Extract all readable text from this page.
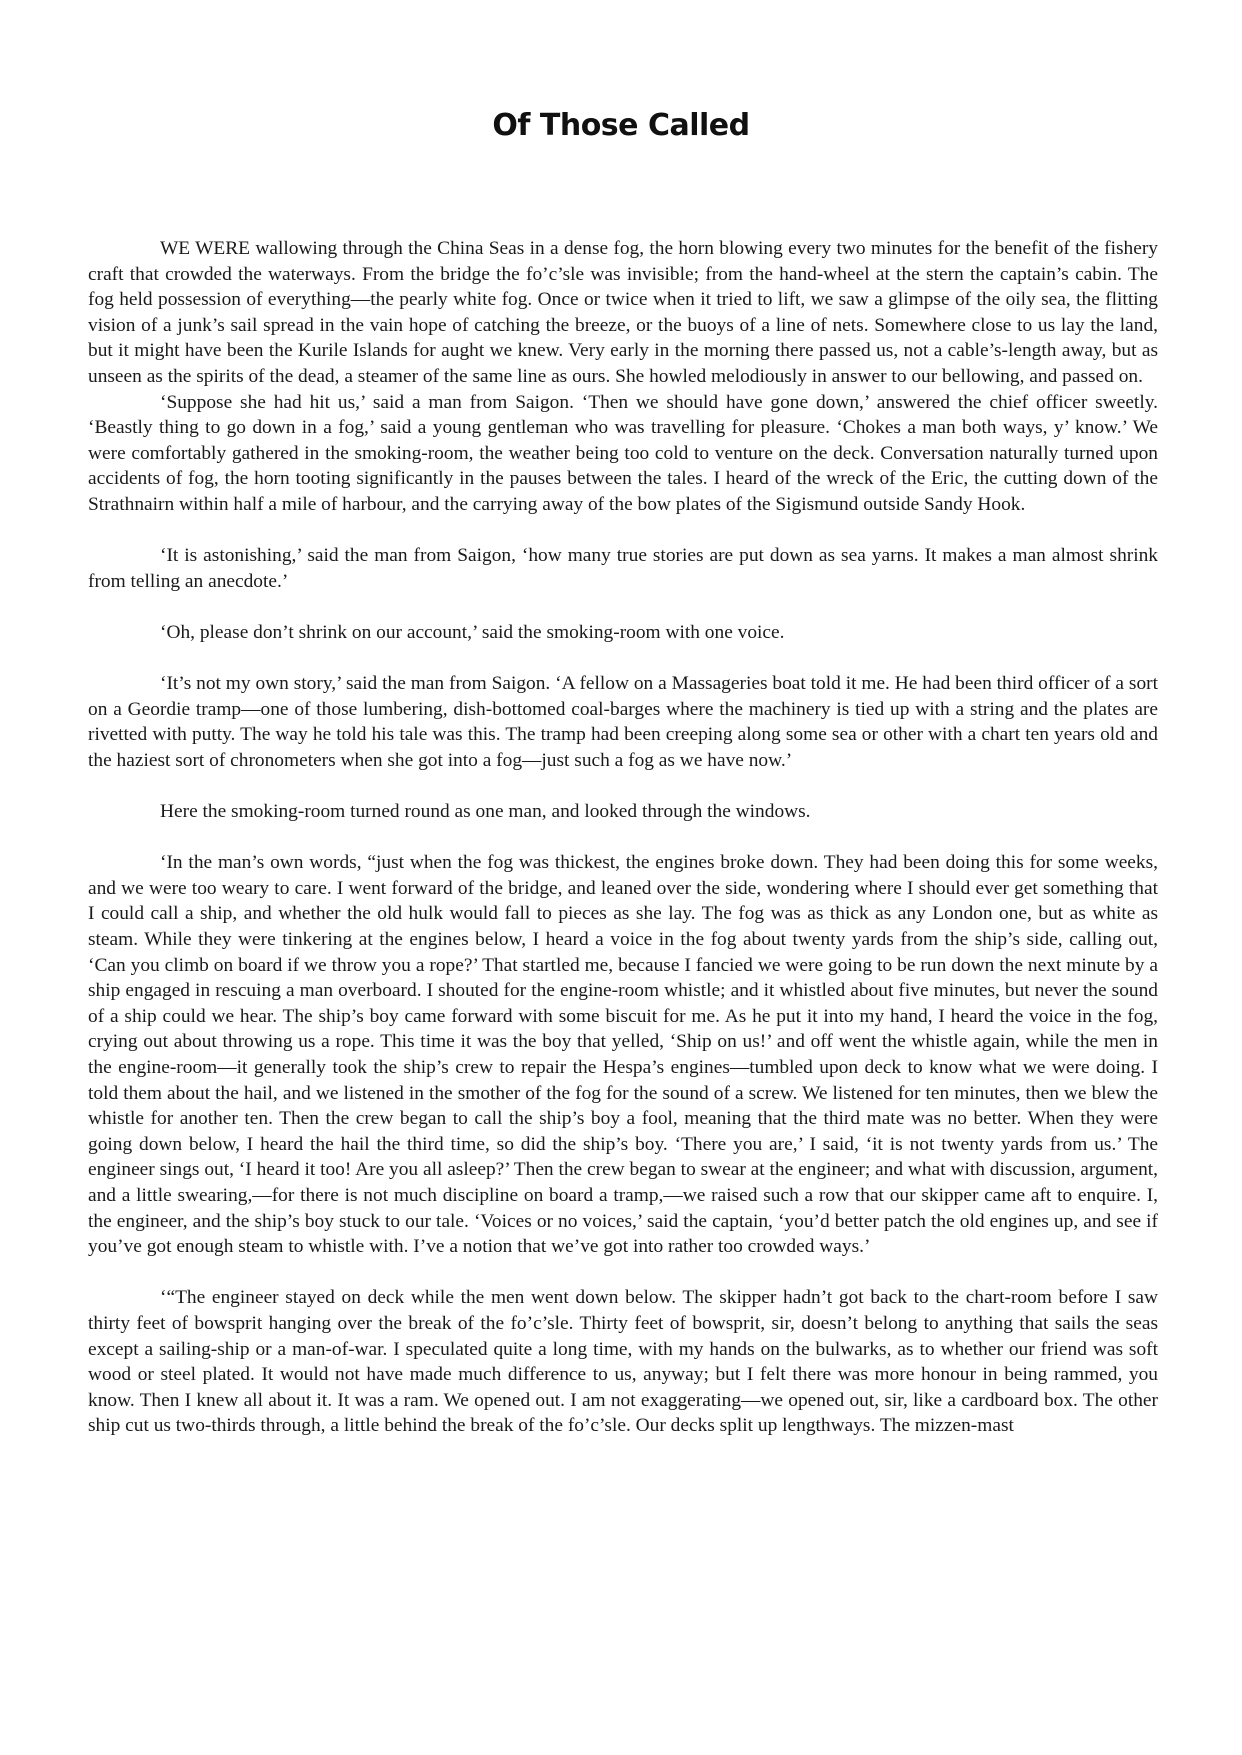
Of Those Called

WE WERE wallowing through the China Seas in a dense fog, the horn blowing every two minutes for the benefit of the fishery craft that crowded the waterways. From the bridge the fo’c’sle was invisible; from the hand-wheel at the stern the captain’s cabin. The fog held possession of everything—the pearly white fog. Once or twice when it tried to lift, we saw a glimpse of the oily sea, the flitting vision of a junk’s sail spread in the vain hope of catching the breeze, or the buoys of a line of nets. Somewhere close to us lay the land, but it might have been the Kurile Islands for aught we knew. Very early in the morning there passed us, not a cable’s-length away, but as unseen as the spirits of the dead, a steamer of the same line as ours. She howled melodiously in answer to our bellowing, and passed on.

‘Suppose she had hit us,’ said a man from Saigon. ‘Then we should have gone down,’ answered the chief officer sweetly. ‘Beastly thing to go down in a fog,’ said a young gentleman who was travelling for pleasure. ‘Chokes a man both ways, y’ know.’ We were comfortably gathered in the smoking-room, the weather being too cold to venture on the deck. Conversation naturally turned upon accidents of fog, the horn tooting significantly in the pauses between the tales. I heard of the wreck of the Eric, the cutting down of the Strathnairn within half a mile of harbour, and the carrying away of the bow plates of the Sigismund outside Sandy Hook.

‘It is astonishing,’ said the man from Saigon, ‘how many true stories are put down as sea yarns. It makes a man almost shrink from telling an anecdote.’

‘Oh, please don’t shrink on our account,’ said the smoking-room with one voice.

‘It’s not my own story,’ said the man from Saigon. ‘A fellow on a Massageries boat told it me. He had been third officer of a sort on a Geordie tramp—one of those lumbering, dish-bottomed coal-barges where the machinery is tied up with a string and the plates are rivetted with putty. The way he told his tale was this. The tramp had been creeping along some sea or other with a chart ten years old and the haziest sort of chronometers when she got into a fog—just such a fog as we have now.’

Here the smoking-room turned round as one man, and looked through the windows.

‘In the man’s own words, “just when the fog was thickest, the engines broke down. They had been doing this for some weeks, and we were too weary to care. I went forward of the bridge, and leaned over the side, wondering where I should ever get something that I could call a ship, and whether the old hulk would fall to pieces as she lay. The fog was as thick as any London one, but as white as steam. While they were tinkering at the engines below, I heard a voice in the fog about twenty yards from the ship’s side, calling out, ‘Can you climb on board if we throw you a rope?’ That startled me, because I fancied we were going to be run down the next minute by a ship engaged in rescuing a man overboard. I shouted for the engine-room whistle; and it whistled about five minutes, but never the sound of a ship could we hear. The ship’s boy came forward with some biscuit for me. As he put it into my hand, I heard the voice in the fog, crying out about throwing us a rope. This time it was the boy that yelled, ‘Ship on us!’ and off went the whistle again, while the men in the engine-room—it generally took the ship’s crew to repair the Hespa’s engines—tumbled upon deck to know what we were doing. I told them about the hail, and we listened in the smother of the fog for the sound of a screw. We listened for ten minutes, then we blew the whistle for another ten. Then the crew began to call the ship’s boy a fool, meaning that the third mate was no better. When they were going down below, I heard the hail the third time, so did the ship’s boy. ‘There you are,’ I said, ‘it is not twenty yards from us.’ The engineer sings out, ‘I heard it too! Are you all asleep?’ Then the crew began to swear at the engineer; and what with discussion, argument, and a little swearing,—for there is not much discipline on board a tramp,—we raised such a row that our skipper came aft to enquire. I, the engineer, and the ship’s boy stuck to our tale. ‘Voices or no voices,’ said the captain, ‘you’d better patch the old engines up, and see if you’ve got enough steam to whistle with. I’ve a notion that we’ve got into rather too crowded ways.’

‘“The engineer stayed on deck while the men went down below. The skipper hadn’t got back to the chart-room before I saw thirty feet of bowsprit hanging over the break of the fo’c’sle. Thirty feet of bowsprit, sir, doesn’t belong to anything that sails the seas except a sailing-ship or a man-of-war. I speculated quite a long time, with my hands on the bulwarks, as to whether our friend was soft wood or steel plated. It would not have made much difference to us, anyway; but I felt there was more honour in being rammed, you know. Then I knew all about it. It was a ram. We opened out. I am not exaggerating—we opened out, sir, like a cardboard box. The other ship cut us two-thirds through, a little behind the break of the fo’c’sle. Our decks split up lengthways. The mizzen-mast
